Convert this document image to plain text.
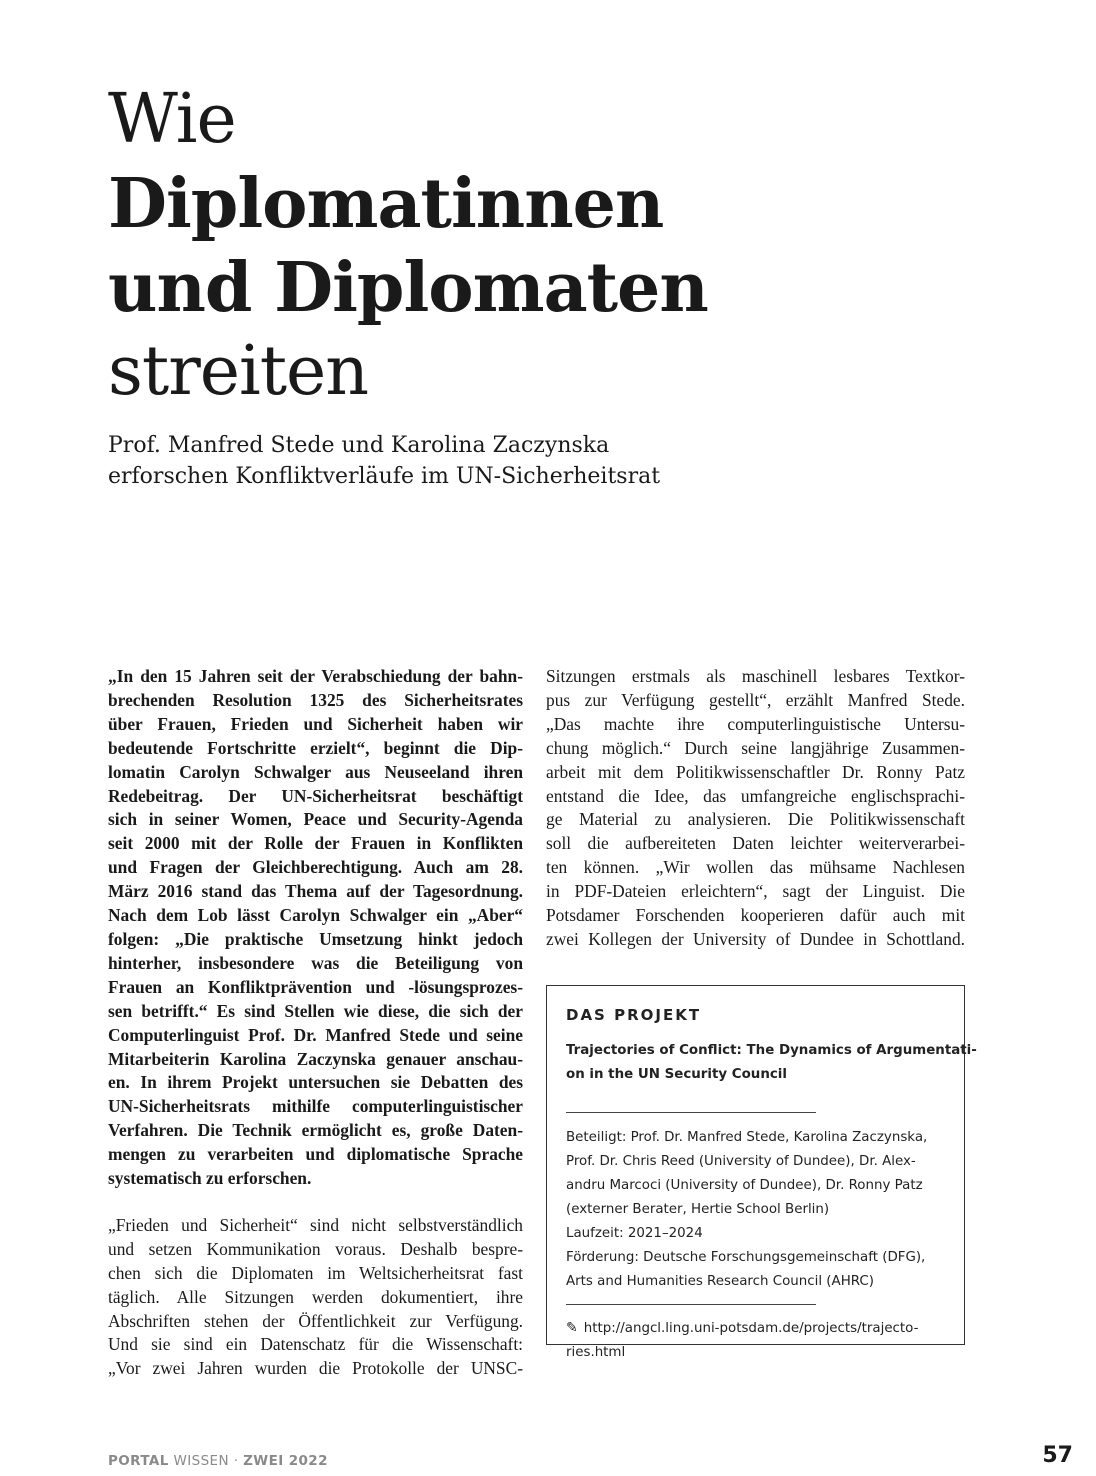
Wie
Diplomatinnen
und Diplomaten
streiten
Prof. Manfred Stede und Karolina Zaczynska
erforschen Konfliktverläufe im UN-Sicherheitsrat
„In den 15 Jahren seit der Verabschiedung der bahn-
brechenden Resolution 1325 des Sicherheitsrates
über Frauen, Frieden und Sicherheit haben wir
bedeutende Fortschritte erzielt“, beginnt die Dip-
lomatin Carolyn Schwalger aus Neuseeland ihren
Redebeitrag. Der UN-Sicherheitsrat beschäftigt
sich in seiner Women, Peace und Security-Agenda
seit 2000 mit der Rolle der Frauen in Konflikten
und Fragen der Gleichberechtigung. Auch am 28.
März 2016 stand das Thema auf der Tagesordnung.
Nach dem Lob lässt Carolyn Schwalger ein „Aber“
folgen: „Die praktische Umsetzung hinkt jedoch
hinterher, insbesondere was die Beteiligung von
Frauen an Konfliktprävention und -lösungsprozes-
sen betrifft.“ Es sind Stellen wie diese, die sich der
Computerlinguist Prof. Dr. Manfred Stede und seine
Mitarbeiterin Karolina Zaczynska genauer anschau-
en. In ihrem Projekt untersuchen sie Debatten des
UN-Sicherheitsrats mithilfe computerlinguistischer
Verfahren. Die Technik ermöglicht es, große Daten-
mengen zu verarbeiten und diplomatische Sprache
systematisch zu erforschen.
„Frieden und Sicherheit“ sind nicht selbstverständlich
und setzen Kommunikation voraus. Deshalb bespre-
chen sich die Diplomaten im Weltsicherheitsrat fast
täglich. Alle Sitzungen werden dokumentiert, ihre
Abschriften stehen der Öffentlichkeit zur Verfügung.
Und sie sind ein Datenschatz für die Wissenschaft:
„Vor zwei Jahren wurden die Protokolle der UNSC-
Sitzungen erstmals als maschinell lesbares Textkor-
pus zur Verfügung gestellt“, erzählt Manfred Stede.
„Das machte ihre computerlinguistische Untersu-
chung möglich.“ Durch seine langjährige Zusammen-
arbeit mit dem Politikwissenschaftler Dr. Ronny Patz
entstand die Idee, das umfangreiche englischsprachi-
ge Material zu analysieren. Die Politikwissenschaft
soll die aufbereiteten Daten leichter weiterverarbei-
ten können. „Wir wollen das mühsame Nachlesen
in PDF-Dateien erleichtern“, sagt der Linguist. Die
Potsdamer Forschenden kooperieren dafür auch mit
zwei Kollegen der University of Dundee in Schottland.
DAS PROJEKT
Trajectories of Conflict: The Dynamics of Argumentati-
on in the UN Security Council
Beteiligt: Prof. Dr. Manfred Stede, Karolina Zaczynska,
Prof. Dr. Chris Reed (University of Dundee), Dr. Alex-
andru Marcoci (University of Dundee), Dr. Ronny Patz
(externer Berater, Hertie School Berlin)
Laufzeit: 2021–2024
Förderung: Deutsche Forschungsgemeinschaft (DFG),
Arts and Humanities Research Council (AHRC)
✎ http://angcl.ling.uni-potsdam.de/projects/trajecto-
ries.html
PORTAL WISSEN · ZWEI 2022	57
